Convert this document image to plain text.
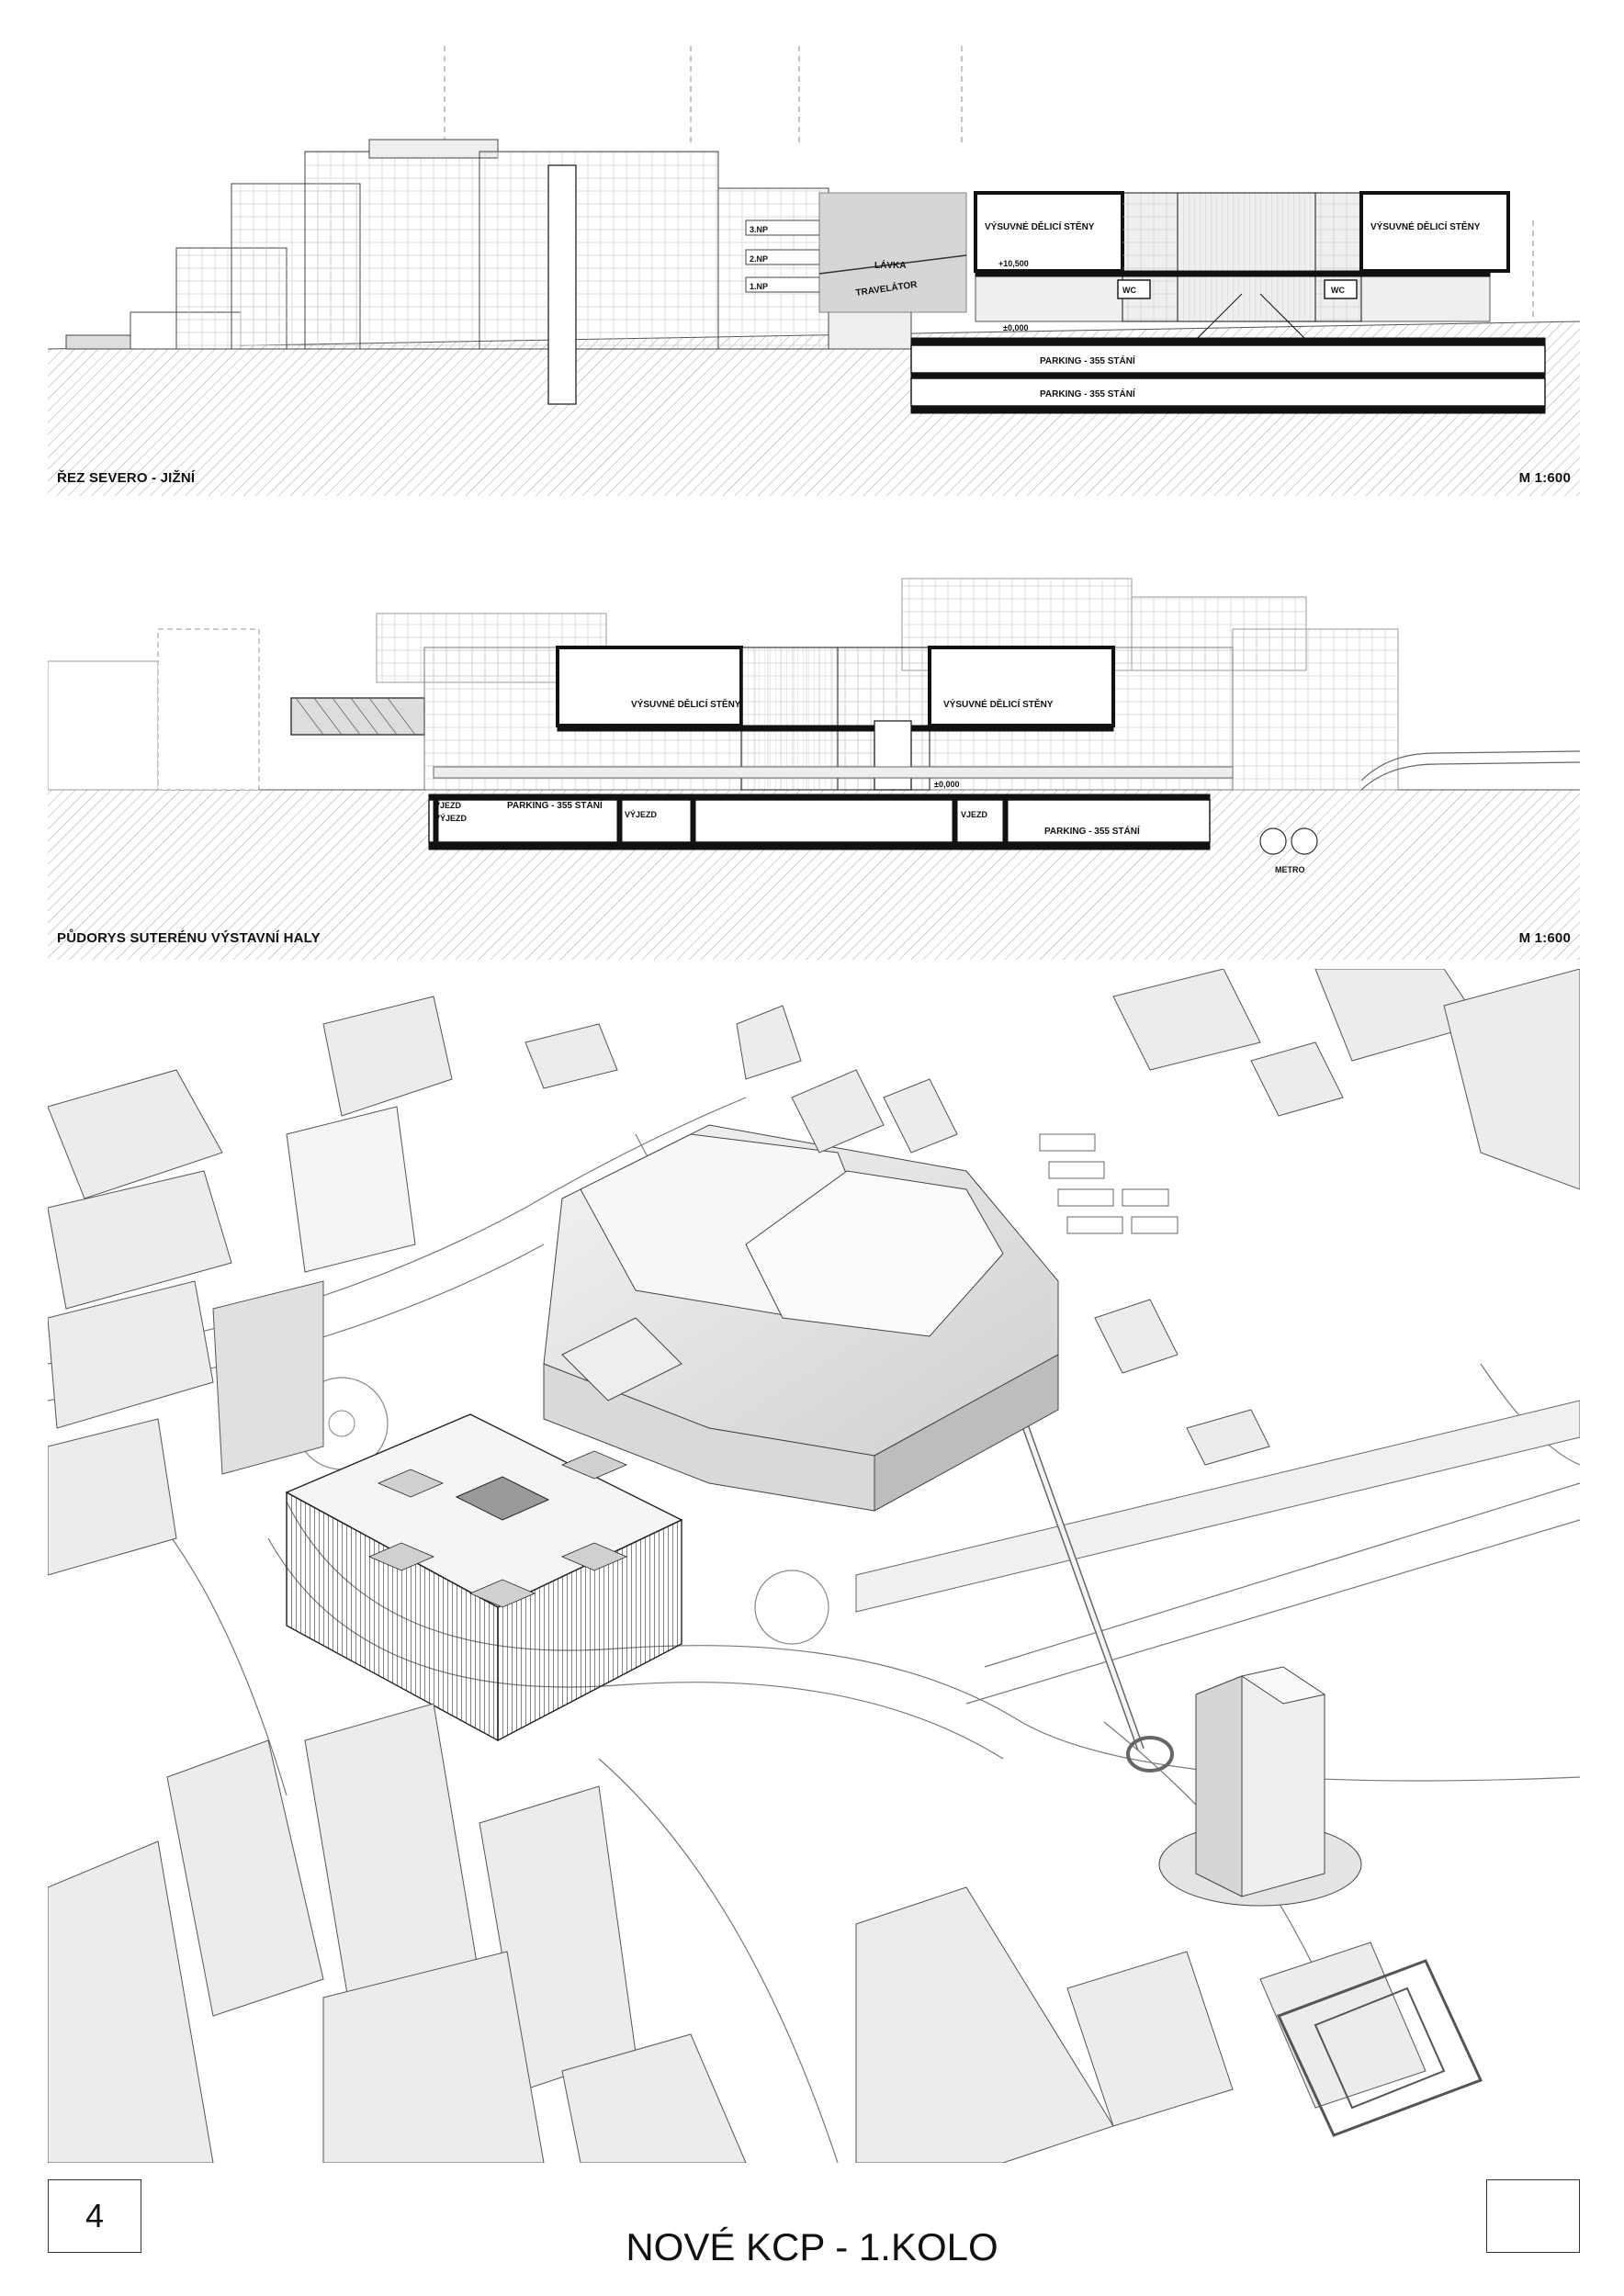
3.NP
2.NP
1.NP
LÁVKA
TRAVELÁTOR
VÝSUVNÉ DĚLICÍ STĚNY	VÝSUVNÉ DĚLICÍ STĚNY
+10,500
±0,000
WC	WC
PARKING - 355 STÁNÍ
PARKING - 355 STÁNÍ
ŘEZ SEVERO - JIŽNÍ	M 1:600
VÝSUVNÉ DĚLICÍ STĚNY	VÝSUVNÉ DĚLICÍ STĚNY
+10,500
±0,000
VJEZD
VÝJEZD
PARKING - 355 STÁNÍ
VÝJEZD	VJEZD
PARKING - 355 STÁNÍ
METRO
PŮDORYS SUTERÉNU VÝSTAVNÍ HALY	M 1:600
4
NOVÉ KCP - 1.KOLO
